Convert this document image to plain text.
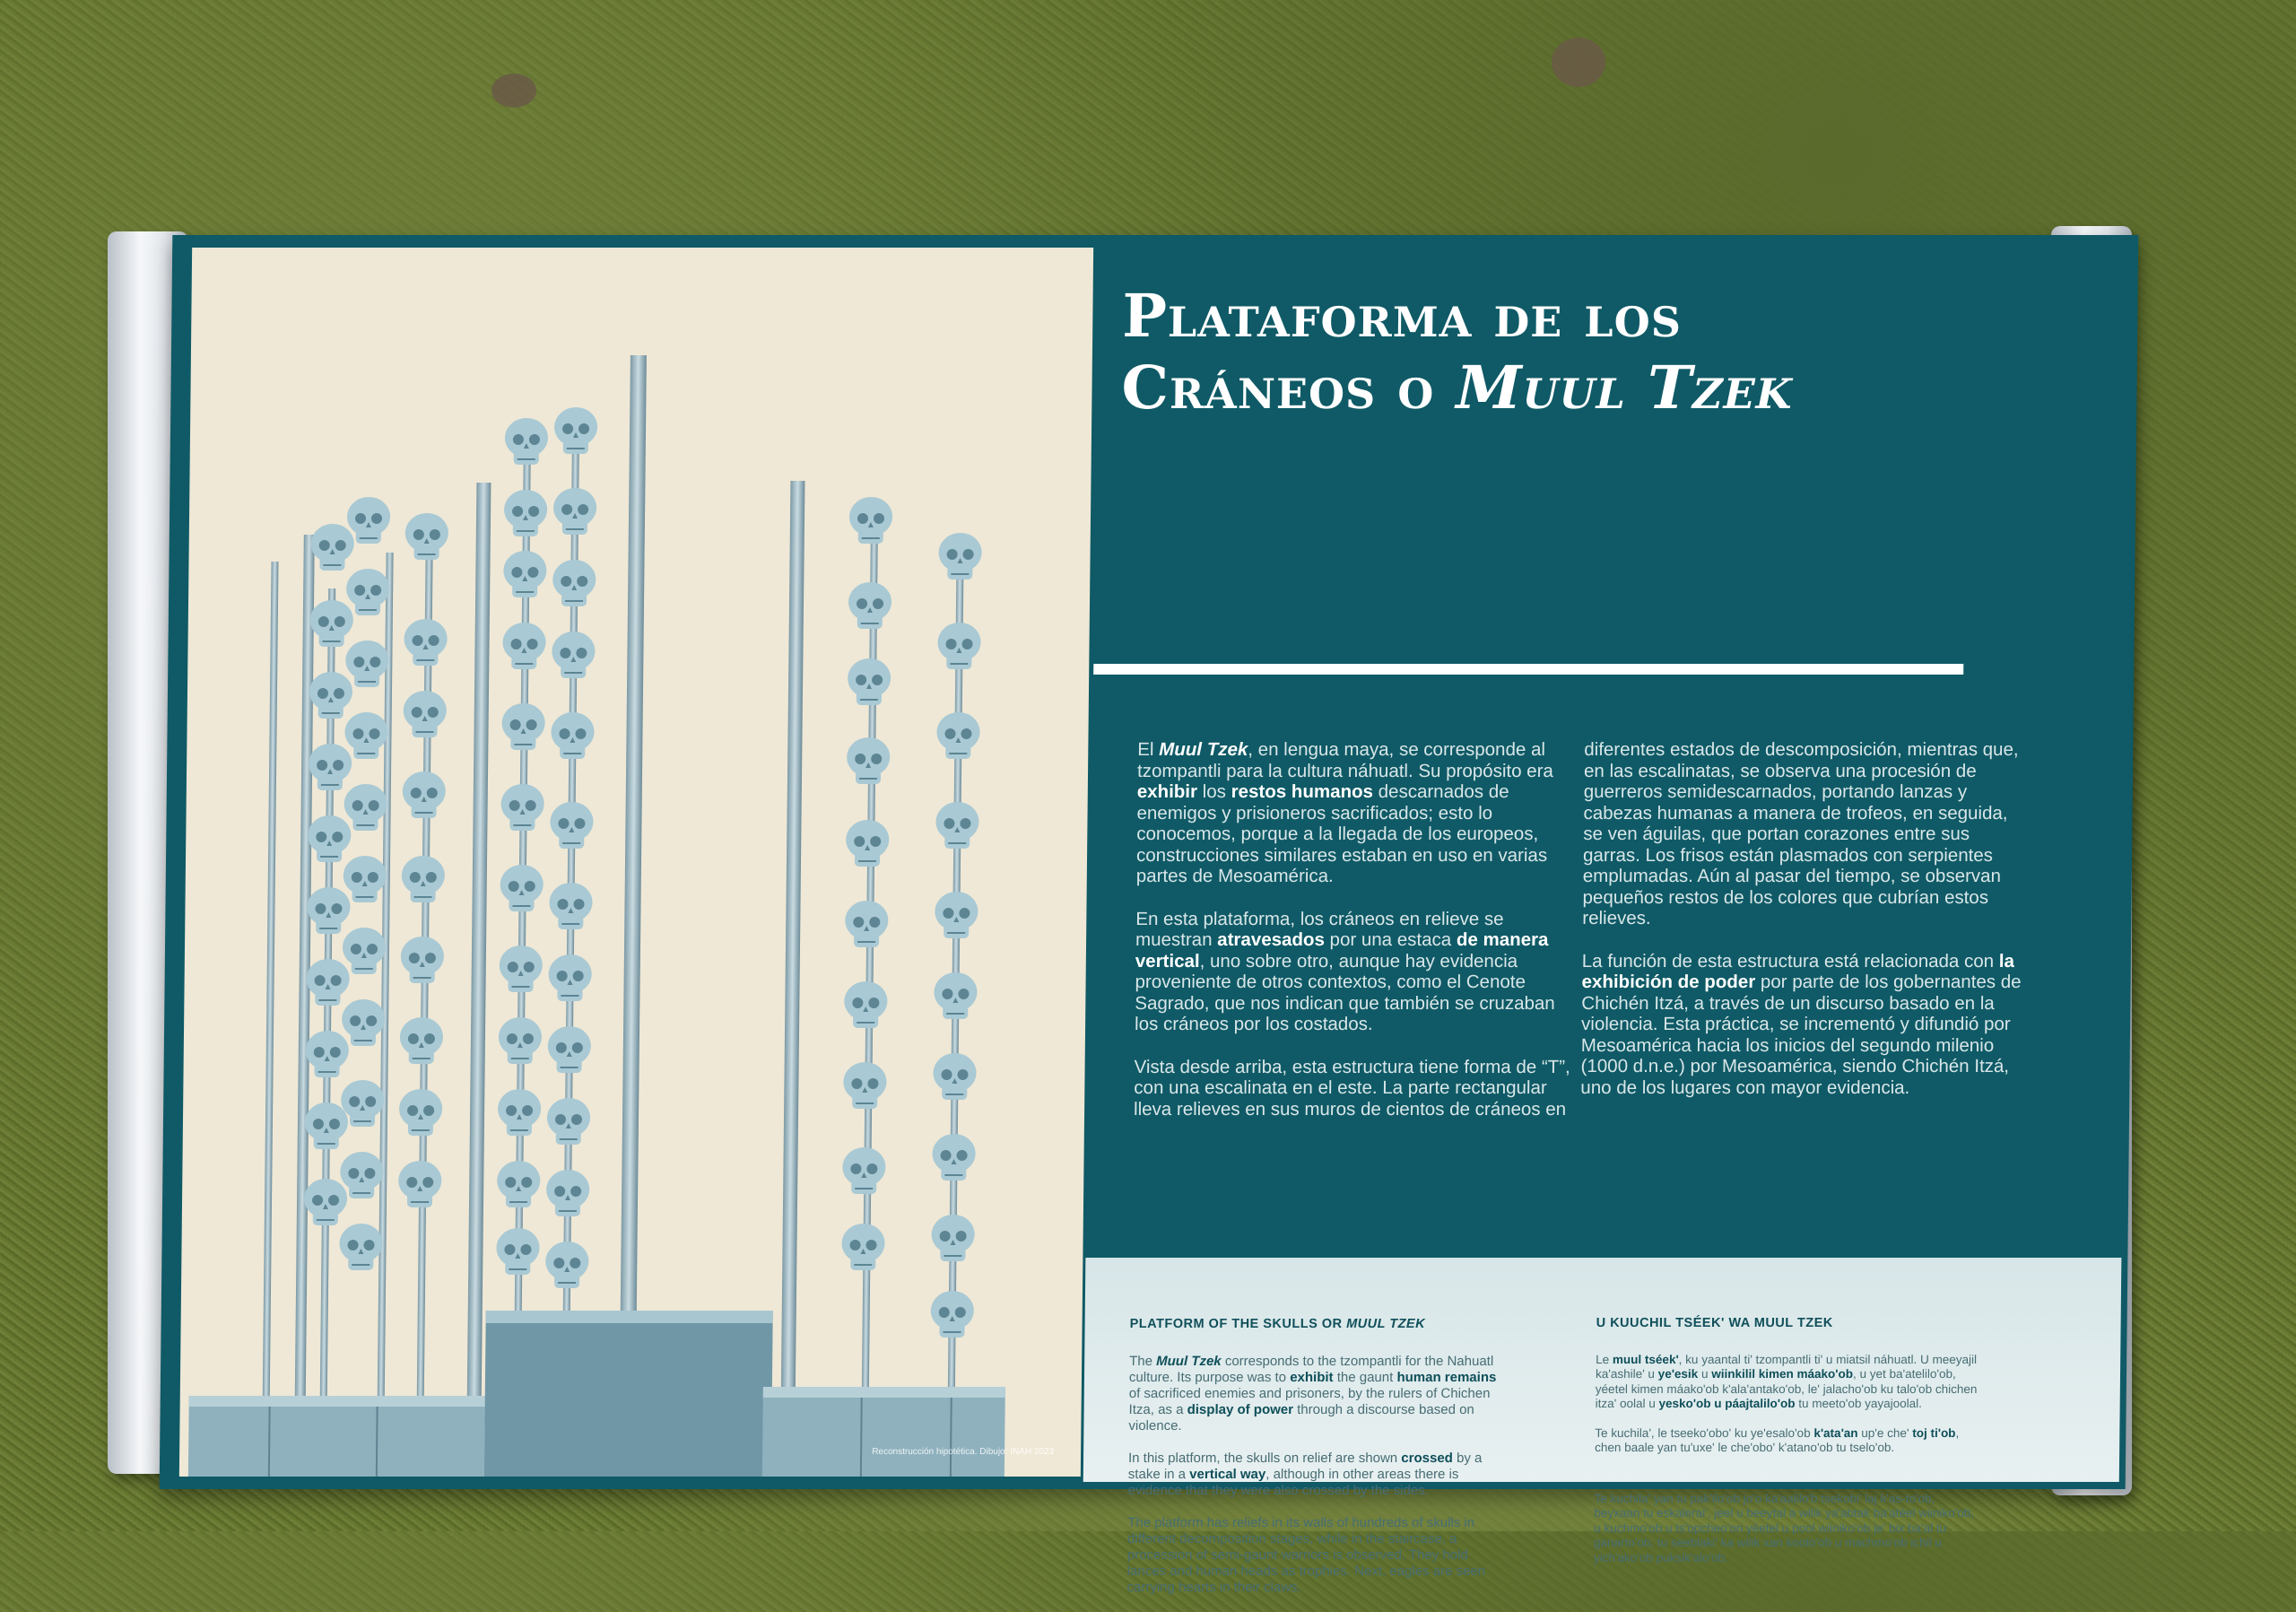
Reconstrucción hipotética. Dibujo: INAH 2023
Plataforma de los
Cráneos o Muul Tzek

El Muul Tzek, en lengua maya, se corresponde al tzompantli para la cultura náhuatl. Su propósito era exhibir los restos humanos descarnados de enemigos y prisioneros sacrificados; esto lo conocemos, porque a la llegada de los europeos, construcciones similares estaban en uso en varias partes de Mesoamérica.

En esta plataforma, los cráneos en relieve se muestran atravesados por una estaca de manera vertical, uno sobre otro, aunque hay evidencia proveniente de otros contextos, como el Cenote Sagrado, que nos indican que también se cruzaban los cráneos por los costados.

Vista desde arriba, esta estructura tiene forma de “T”, con una escalinata en el este. La parte rectangular lleva relieves en sus muros de cientos de cráneos en

diferentes estados de descomposición, mientras que, en las escalinatas, se observa una procesión de guerreros semidescarnados, portando lanzas y cabezas humanas a manera de trofeos, en seguida, se ven águilas, que portan corazones entre sus garras. Los frisos están plasmados con serpientes emplumadas. Aún al pasar del tiempo, se observan pequeños restos de los colores que cubrían estos relieves.

La función de esta estructura está relacionada con la exhibición de poder por parte de los gobernantes de Chichén Itzá, a través de un discurso basado en la violencia. Esta práctica, se incrementó y difundió por Mesoamérica hacia los inicios del segundo milenio (1000 d.n.e.) por Mesoamérica, siendo Chichén Itzá, uno de los lugares con mayor evidencia.

PLATFORM OF THE SKULLS OR MUUL TZEK

The Muul Tzek corresponds to the tzompantli for the Nahuatl culture. Its purpose was to exhibit the gaunt human remains of sacrificed enemies and prisoners, by the rulers of Chichen Itza, as a display of power through a discourse based on violence.

In this platform, the skulls on relief are shown crossed by a stake in a vertical way, although in other areas there is evidence that they were also crossed by the sides.

The platform has reliefs in its walls of hundreds of skulls in different decomposition stages, while in the staircase, a procession of semi-gaunt warriors is observed. They hold lances and human heads as trophies. Next, eagles are seen carrying hearts in their claws.

U KUUCHIL TSÉEK' WA MUUL TZEK

Le muul tséek', ku yaantal ti' tzompantli ti' u miatsil náhuatl. U meeyajil ka'ashile' u ye'esik u wiinkilil kimen máako'ob, u yet ba'atelilo'ob, yéetel kimen máako'ob k'ala'antako'ob, le' jalacho'ob ku talo'ob chichen itza' oolal u yesko'ob u páajtalilo'ob tu meeto'ob yayajoolal.

Te kuchila', le tseeko'obo' ku ye'esalo'ob k'ata'an up'e che' toj ti'ob, chen baale yan tu'uxe' le che'obo' k'atano'ob tu tselo'ob.

Te kuchila' yan tu pak'ilo'ob jo'o ka'aalilo'b tsekobi' laj k'as-to'ob, beyxaan tu eskalerai', jeel u beeytal a wilik ya'abtak ba'atéel wiiniko'ob, u kuchmo'ob u ts'opcheo'on yéetel u pool wiiniko'ob je' bix ba'al tu ganarto'ob, tu seeblaki' ka wilik xan kooto'ob u machmo'ob ichil u yich'ako'ob puksik'alo'ob.
